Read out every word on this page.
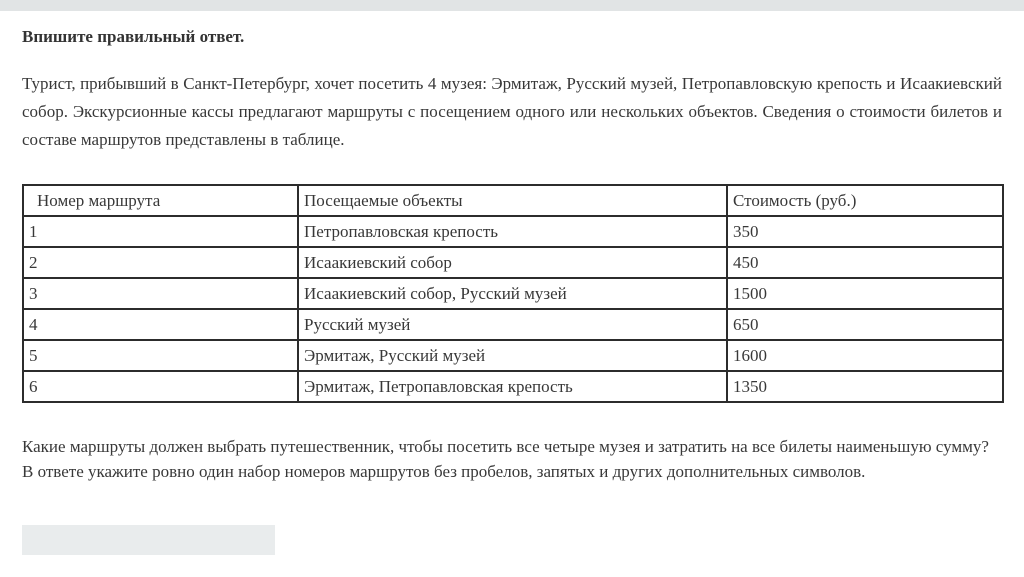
Впишите правильный ответ.

Турист, прибывший в Санкт-Петербург, хочет посетить 4 музея: Эрмитаж, Русский музей, Петропавловскую крепость и Исаакиевский собор. Экскурсионные кассы предлагают маршруты с посещением одного или нескольких объектов. Сведения о стоимости билетов и составе маршрутов представлены в таблице.

Номер маршрута	Посещаемые объекты	Стоимость (руб.)
1	Петропавловская крепость	350
2	Исаакиевский собор	450
3	Исаакиевский собор, Русский музей	1500
4	Русский музей	650
5	Эрмитаж, Русский музей	1600
6	Эрмитаж, Петропавловская крепость	1350

Какие маршруты должен выбрать путешественник, чтобы посетить все четыре музея и затратить на все билеты наименьшую сумму?

В ответе укажите ровно один набор номеров маршрутов без пробелов, запятых и других дополнительных символов.
